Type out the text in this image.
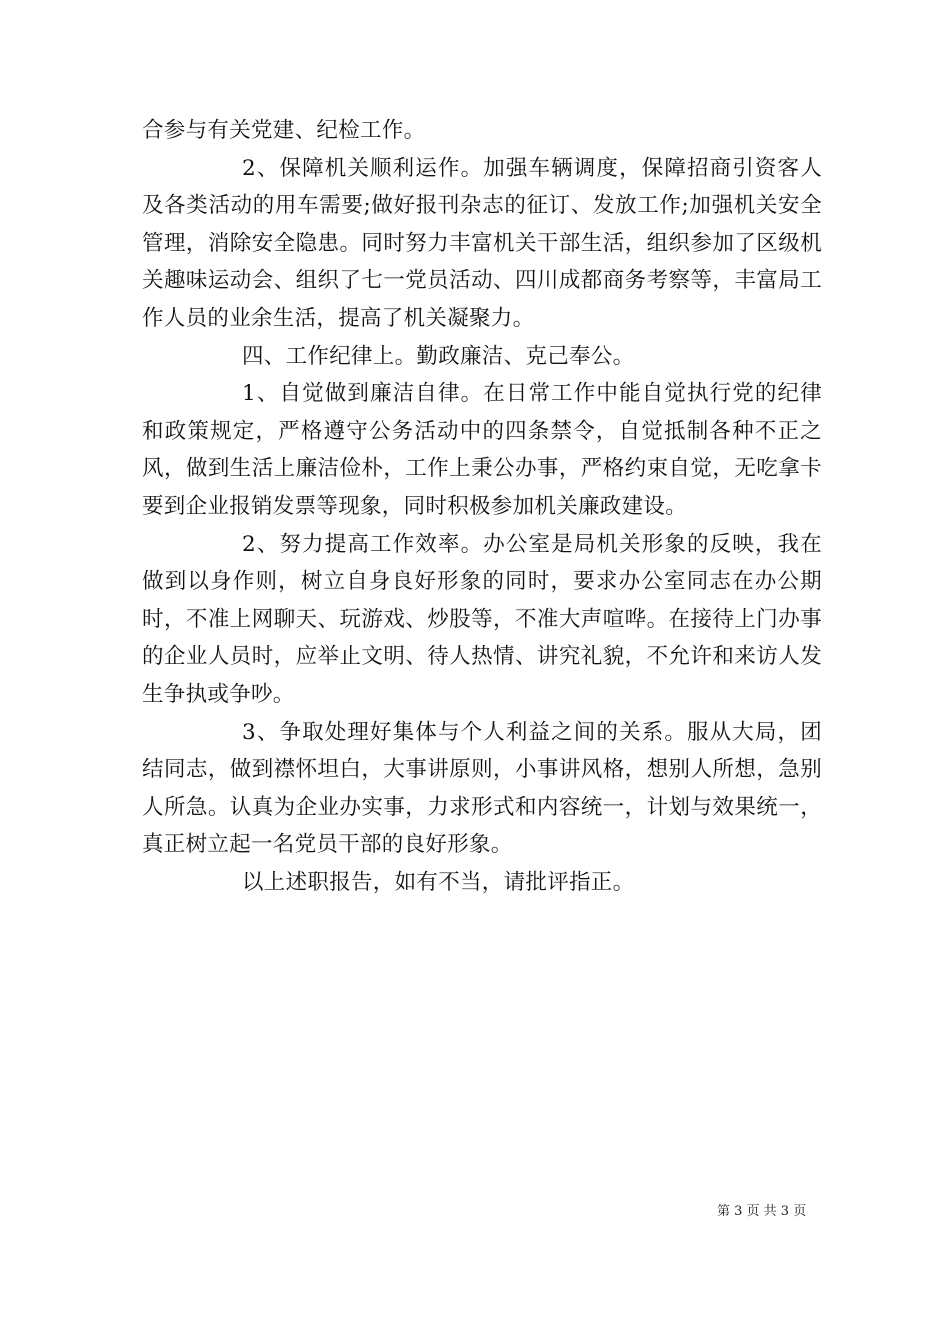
合参与有关党建、纪检工作。

2、保障机关顺利运作。加强车辆调度，保障招商引资客人及各类活动的用车需要;做好报刊杂志的征订、发放工作;加强机关安全管理，消除安全隐患。同时努力丰富机关干部生活，组织参加了区级机关趣味运动会、组织了七一党员活动、四川成都商务考察等，丰富局工作人员的业余生活，提高了机关凝聚力。

四、工作纪律上。勤政廉洁、克己奉公。

1、自觉做到廉洁自律。在日常工作中能自觉执行党的纪律和政策规定，严格遵守公务活动中的四条禁令，自觉抵制各种不正之风，做到生活上廉洁俭朴，工作上秉公办事，严格约束自觉，无吃拿卡要到企业报销发票等现象，同时积极参加机关廉政建设。

2、努力提高工作效率。办公室是局机关形象的反映，我在做到以身作则，树立自身良好形象的同时，要求办公室同志在办公期时，不准上网聊天、玩游戏、炒股等，不准大声喧哗。在接待上门办事的企业人员时，应举止文明、待人热情、讲究礼貌，不允许和来访人发生争执或争吵。

3、争取处理好集体与个人利益之间的关系。服从大局，团结同志，做到襟怀坦白，大事讲原则，小事讲风格，想别人所想，急别人所急。认真为企业办实事，力求形式和内容统一，计划与效果统一，真正树立起一名党员干部的良好形象。

以上述职报告，如有不当，请批评指正。

第 3 页 共 3 页
